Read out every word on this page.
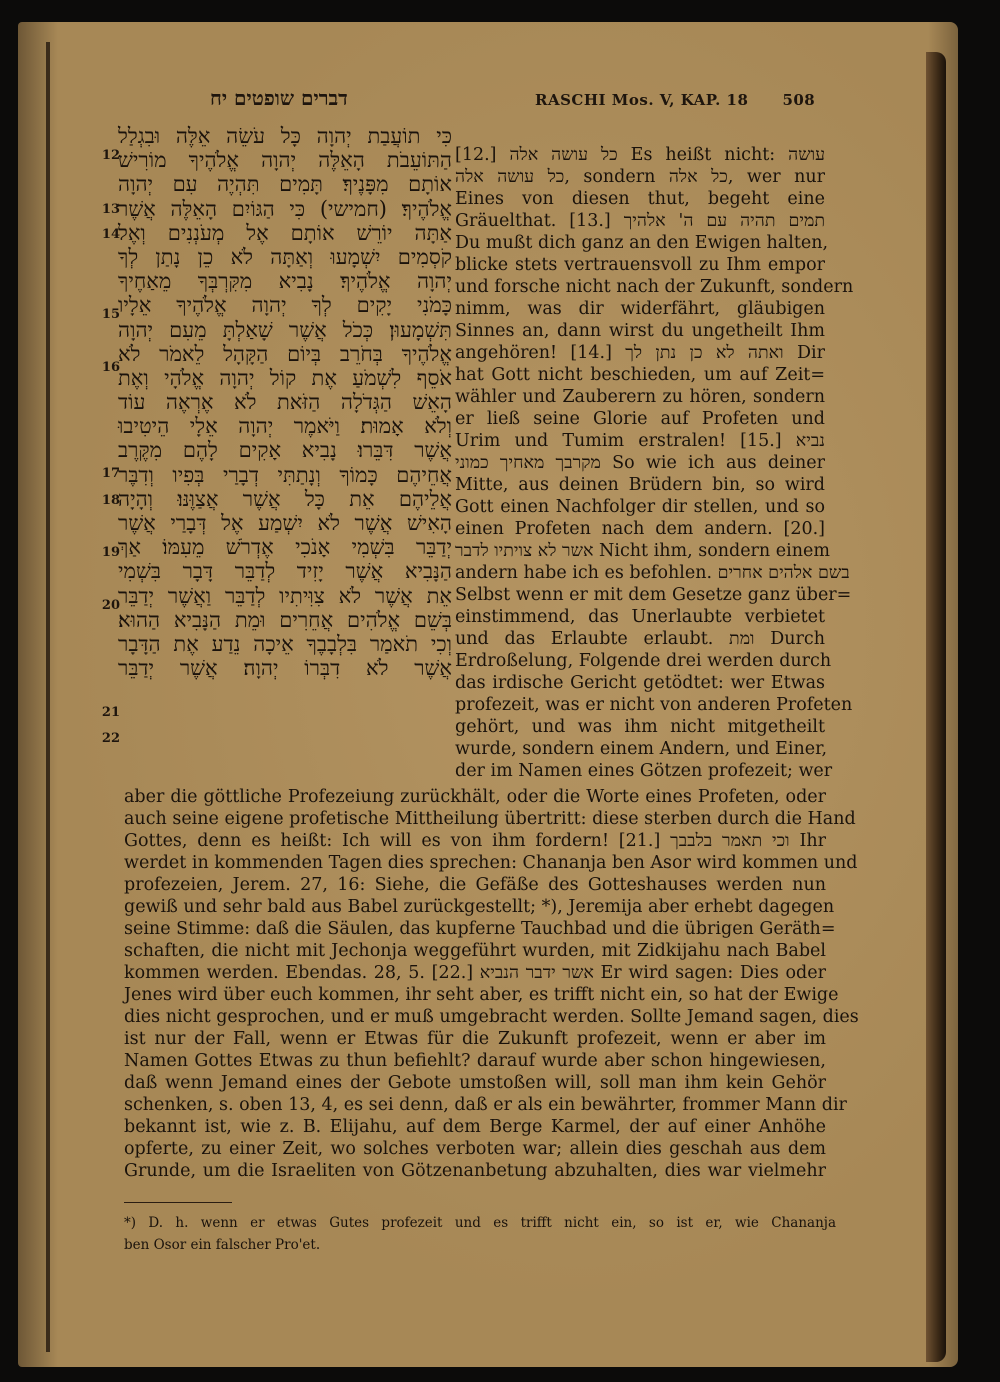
דברים שופטים יח	RASCHI Mos. V, KAP. 18 508
12
13
14
15
16
17
18
19
20
21
22
כִּי תוֹעֲבַת יְהוָה כָּל עֹשֵׂה אֵלֶּה וּבִגְלַל
הַתּוֹעֵבֹת הָאֵלֶּה יְהוָה אֱלֹהֶיךָ מוֹרִישׁ
אוֹתָם מִפָּנֶיךָ׃ תָּמִים תִּהְיֶה עִם יְהוָה
אֱלֹהֶיךָ׃ (חמישי) כִּי הַגּוֹיִם הָאֵלֶּה אֲשֶׁר
אַתָּה יוֹרֵשׁ אוֹתָם אֶל מְעֹנְנִים וְאֶל
קֹסְמִים יִשְׁמָעוּ וְאַתָּה לֹא כֵן נָתַן לְךָ
יְהוָה אֱלֹהֶיךָ׃ נָבִיא מִקִּרְבְּךָ מֵאַחֶיךָ
כָּמֹנִי יָקִים לְךָ יְהוָה אֱלֹהֶיךָ אֵלָיו
תִּשְׁמָעוּן׃ כְּכֹל אֲשֶׁר שָׁאַלְתָּ מֵעִם יְהוָה
אֱלֹהֶיךָ בְּחֹרֵב בְּיוֹם הַקָּהָל לֵאמֹר לֹא
אֹסֵף לִשְׁמֹעַ אֶת קוֹל יְהוָה אֱלֹהָי וְאֶת
הָאֵשׁ הַגְּדֹלָה הַזֹּאת לֹא אֶרְאֶה עוֹד
וְלֹא אָמוּת׃ וַיֹּאמֶר יְהוָה אֵלָי הֵיטִיבוּ
אֲשֶׁר דִּבֵּרוּ׃ נָבִיא אָקִים לָהֶם מִקֶּרֶב
אֲחֵיהֶם כָּמוֹךָ וְנָתַתִּי דְבָרַי בְּפִיו וְדִבֶּר
אֲלֵיהֶם אֵת כָּל אֲשֶׁר אֲצַוֶּנּוּ׃ וְהָיָה
הָאִישׁ אֲשֶׁר לֹא יִשְׁמַע אֶל דְּבָרַי אֲשֶׁר
יְדַבֵּר בִּשְׁמִי אָנֹכִי אֶדְרֹשׁ מֵעִמּוֹ׃ אַךְ
הַנָּבִיא אֲשֶׁר יָזִיד לְדַבֵּר דָּבָר בִּשְׁמִי
אֵת אֲשֶׁר לֹא צִוִּיתִיו לְדַבֵּר וַאֲשֶׁר יְדַבֵּר
בְּשֵׁם אֱלֹהִים אֲחֵרִים וּמֵת הַנָּבִיא הַהוּא׃
וְכִי תֹאמַר בִּלְבָבֶךָ אֵיכָה נֵדַע אֶת הַדָּבָר
אֲשֶׁר לֹא דִבְּרוֹ יְהוָה׃ אֲשֶׁר יְדַבֵּר
[12.] כל עושה אלה Es heißt nicht: עושה
כל עושה אלה, sondern כל אלה, wer nur
Eines von diesen thut, begeht eine
Gräuelthat. [13.] תמים תהיה עם ה' אלהיך
Du mußt dich ganz an den Ewigen halten,
blicke stets vertrauensvoll zu Ihm empor
und forsche nicht nach der Zukunft, sondern
nimm, was dir widerfährt, gläubigen
Sinnes an, dann wirst du ungetheilt Ihm
angehören! [14.] ואתה לא כן נתן לך Dir
hat Gott nicht beschieden, um auf Zeit=
wähler und Zauberern zu hören, sondern
er ließ seine Glorie auf Profeten und
Urim und Tumim erstralen! [15.] נביא
מקרבך מאחיך כמוני So wie ich aus deiner
Mitte, aus deinen Brüdern bin, so wird
Gott einen Nachfolger dir stellen, und so
einen Profeten nach dem andern. [20.]
אשר לא צויתיו לדבר Nicht ihm, sondern einem
andern habe ich es befohlen. בשם אלהים אחרים
Selbst wenn er mit dem Gesetze ganz über=
einstimmend, das Unerlaubte verbietet
und das Erlaubte erlaubt. ומת Durch
Erdroßelung, Folgende drei werden durch
das irdische Gericht getödtet: wer Etwas
profezeit, was er nicht von anderen Profeten
gehört, und was ihm nicht mitgetheilt
wurde, sondern einem Andern, und Einer,
der im Namen eines Götzen profezeit; wer
aber die göttliche Profezeiung zurückhält, oder die Worte eines Profeten, oder
auch seine eigene profetische Mittheilung übertritt: diese sterben durch die Hand
Gottes, denn es heißt: Ich will es von ihm fordern! [21.] וכי תאמר בלבבך Ihr
werdet in kommenden Tagen dies sprechen: Chananja ben Asor wird kommen und
profezeien, Jerem. 27, 16: Siehe, die Gefäße des Gotteshauses werden nun
gewiß und sehr bald aus Babel zurückgestellt; *), Jeremija aber erhebt dagegen
seine Stimme: daß die Säulen, das kupferne Tauchbad und die übrigen Geräth=
schaften, die nicht mit Jechonja weggeführt wurden, mit Zidkijahu nach Babel
kommen werden. Ebendas. 28, 5. [22.] אשר ידבר הנביא Er wird sagen: Dies oder
Jenes wird über euch kommen, ihr seht aber, es trifft nicht ein, so hat der Ewige
dies nicht gesprochen, und er muß umgebracht werden. Sollte Jemand sagen, dies
ist nur der Fall, wenn er Etwas für die Zukunft profezeit, wenn er aber im
Namen Gottes Etwas zu thun befiehlt? darauf wurde aber schon hingewiesen,
daß wenn Jemand eines der Gebote umstoßen will, soll man ihm kein Gehör
schenken, s. oben 13, 4, es sei denn, daß er als ein bewährter, frommer Mann dir
bekannt ist, wie z. B. Elijahu, auf dem Berge Karmel, der auf einer Anhöhe
opferte, zu einer Zeit, wo solches verboten war; allein dies geschah aus dem
Grunde, um die Israeliten von Götzenanbetung abzuhalten, dies war vielmehr
*) D. h. wenn er etwas Gutes profezeit und es trifft nicht ein, so ist er, wie Chananja
ben Osor ein falscher Pro'et.
